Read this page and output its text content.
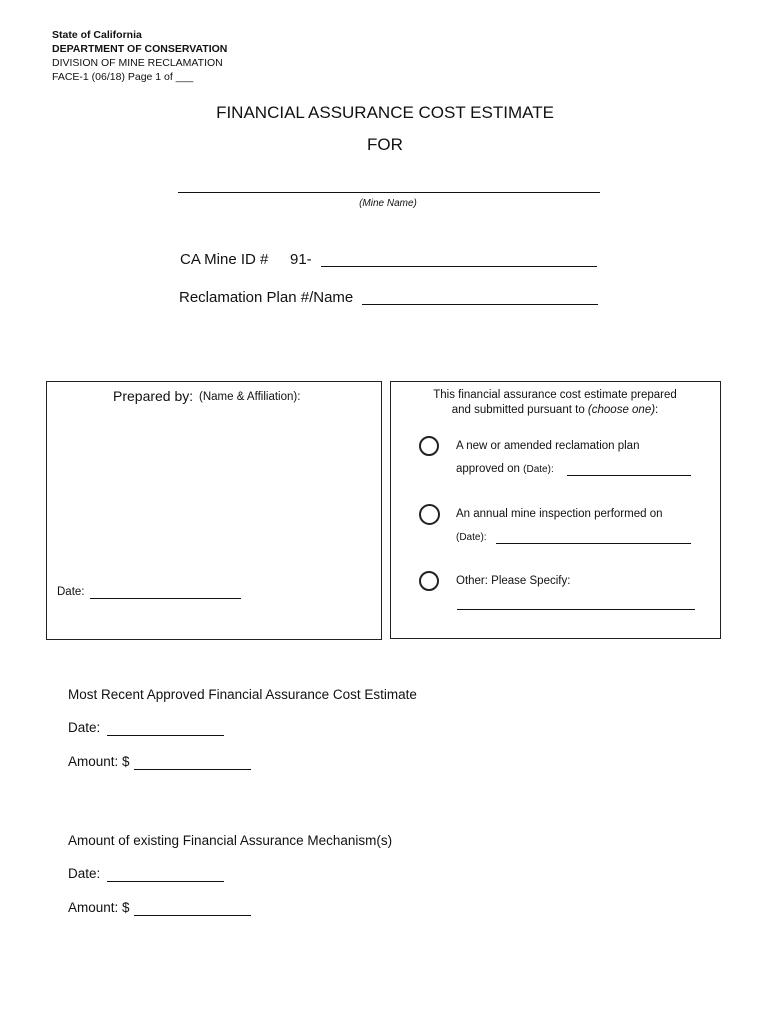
State of California
DEPARTMENT OF CONSERVATION
DIVISION OF MINE RECLAMATION
FACE-1 (06/18) Page 1 of ___
FINANCIAL ASSURANCE COST ESTIMATE
FOR
(Mine Name)
CA Mine ID # 91-
Reclamation Plan #/Name
Prepared by: (Name & Affiliation):
Date:
This financial assurance cost estimate prepared
and submitted pursuant to (choose one):
A new or amended reclamation plan
approved on (Date):
An annual mine inspection performed on
(Date):
Other: Please Specify:
Most Recent Approved Financial Assurance Cost Estimate
Date:
Amount: $
Amount of existing Financial Assurance Mechanism(s)
Date:
Amount: $
